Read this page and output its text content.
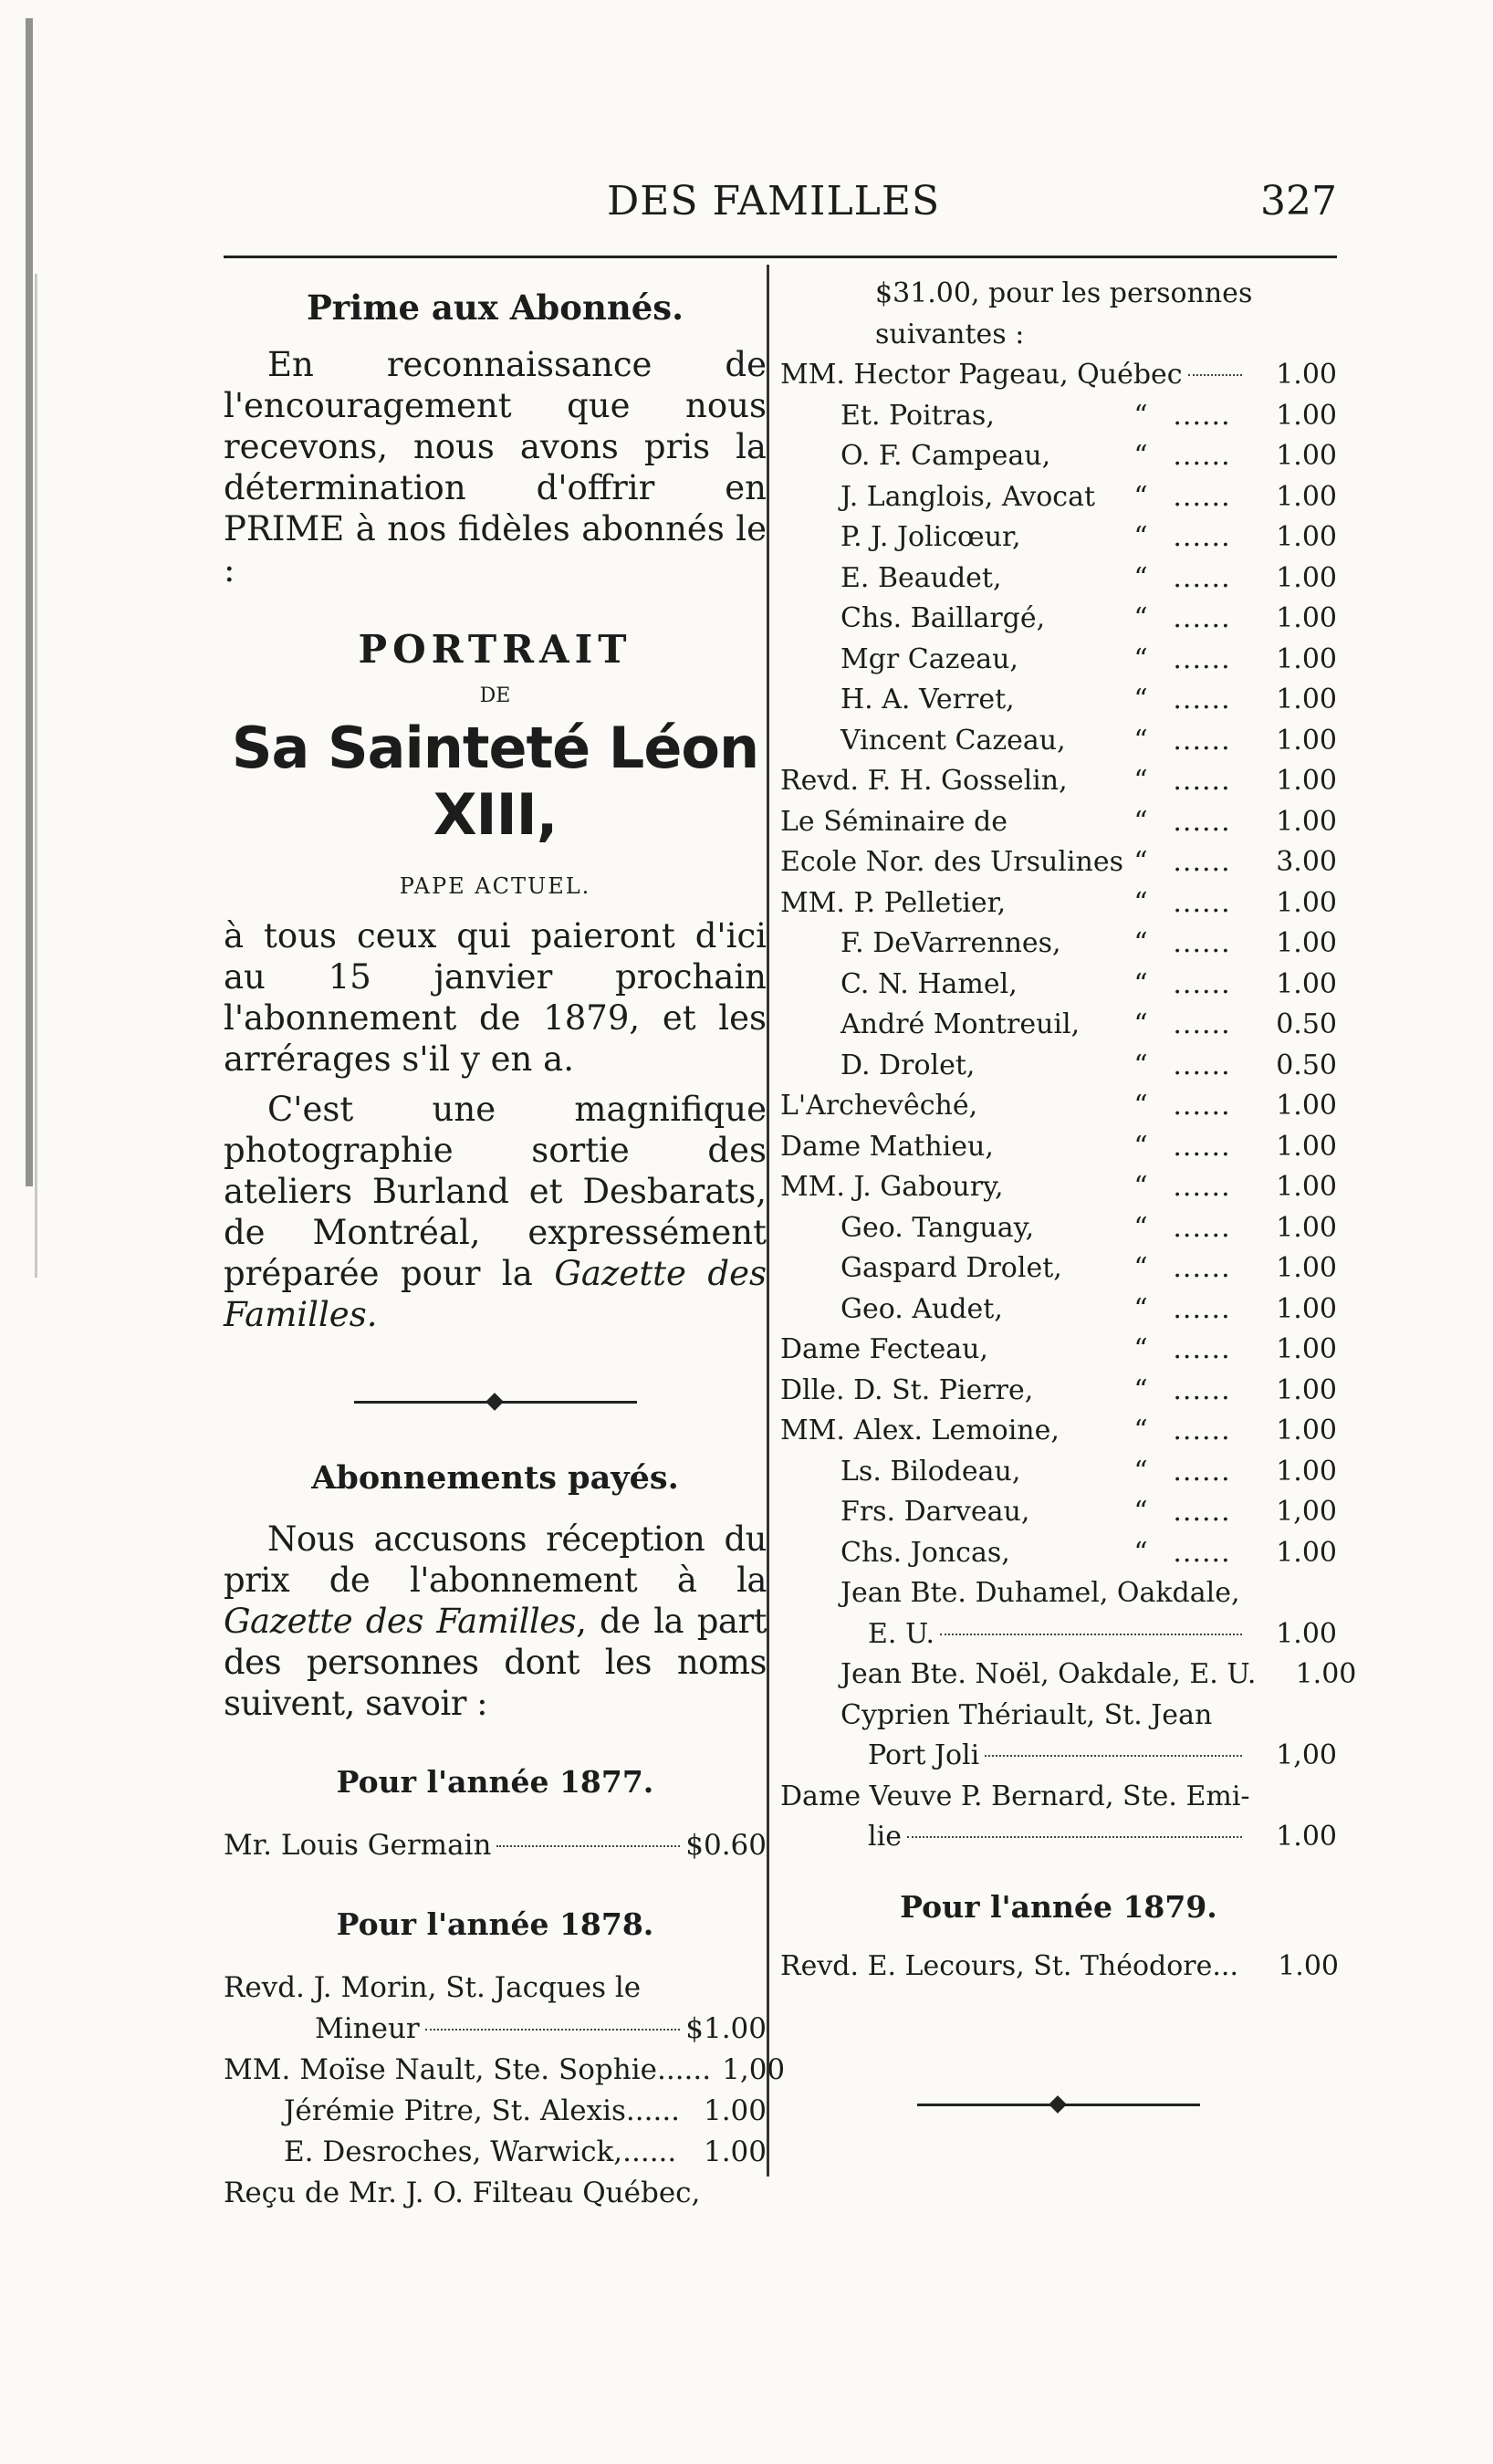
DES FAMILLES	327
Prime aux Abonnés.

En reconnaissance de l'encouragement que nous recevons, nous avons pris la détermination d'offrir en PRIME à nos fidèles abonnés le :

PORTRAIT
DE
Sa Sainteté Léon XIII,
PAPE ACTUEL.

à tous ceux qui paieront d'ici au 15 janvier prochain l'abonnement de 1879, et les arrérages s'il y en a.

C'est une magnifique photographie sortie des ateliers Burland et Desbarats, de Montréal, expressément préparée pour la Gazette des Familles.

Abonnements payés.

Nous accusons réception du prix de l'abonnement à la Gazette des Familles, de la part des personnes dont les noms suivent, savoir :

Pour l'année 1877.
Mr. Louis Germain	$0.60
Pour l'année 1878.
Revd. J. Morin, St. Jacques le
Mineur	$1.00
MM. Moïse Nault, Ste. Sophie...... 1,00
Jérémie Pitre, St. Alexis...... 1.00
E. Desroches, Warwick,...... 1.00
Reçu de Mr. J. O. Filteau Québec,
$31.00, pour les personnes
suivantes :
MM. Hector Pageau, Québec	1.00
Et. Poitras,	“ ......	1.00
O. F. Campeau,	“ ......	1.00
J. Langlois, Avocat	“ ......	1.00
P. J. Jolicœur,	“ ......	1.00
E. Beaudet,	“ ......	1.00
Chs. Baillargé,	“ ......	1.00
Mgr Cazeau,	“ ......	1.00
H. A. Verret,	“ ......	1.00
Vincent Cazeau,	“ ......	1.00
Revd. F. H. Gosselin,	“ ......	1.00
Le Séminaire de	“ ......	1.00
Ecole Nor. des Ursulines “ ......	3.00
MM. P. Pelletier,	“ ......	1.00
F. DeVarrennes,	“ ......	1.00
C. N. Hamel,	“ ......	1.00
André Montreuil,	“ ......	0.50
D. Drolet,	“ ......	0.50
L'Archevêché,	“ ......	1.00
Dame Mathieu,	“ ......	1.00
MM. J. Gaboury,	“ ......	1.00
Geo. Tanguay,	“ ......	1.00
Gaspard Drolet,	“ ......	1.00
Geo. Audet,	“ ......	1.00
Dame Fecteau,	“ ......	1.00
Dlle. D. St. Pierre,	“ ......	1.00
MM. Alex. Lemoine,	“ ......	1.00
Ls. Bilodeau,	“ ......	1.00
Frs. Darveau,	“ ......	1,00
Chs. Joncas,	“ ......	1.00
Jean Bte. Duhamel, Oakdale,
E. U.	1.00
Jean Bte. Noël, Oakdale, E. U.	1.00
Cyprien Thériault, St. Jean
Port Joli	1,00
Dame Veuve P. Bernard, Ste. Emi-
lie	1.00
Pour l'année 1879.
Revd. E. Lecours, St. Théodore...	1.00
